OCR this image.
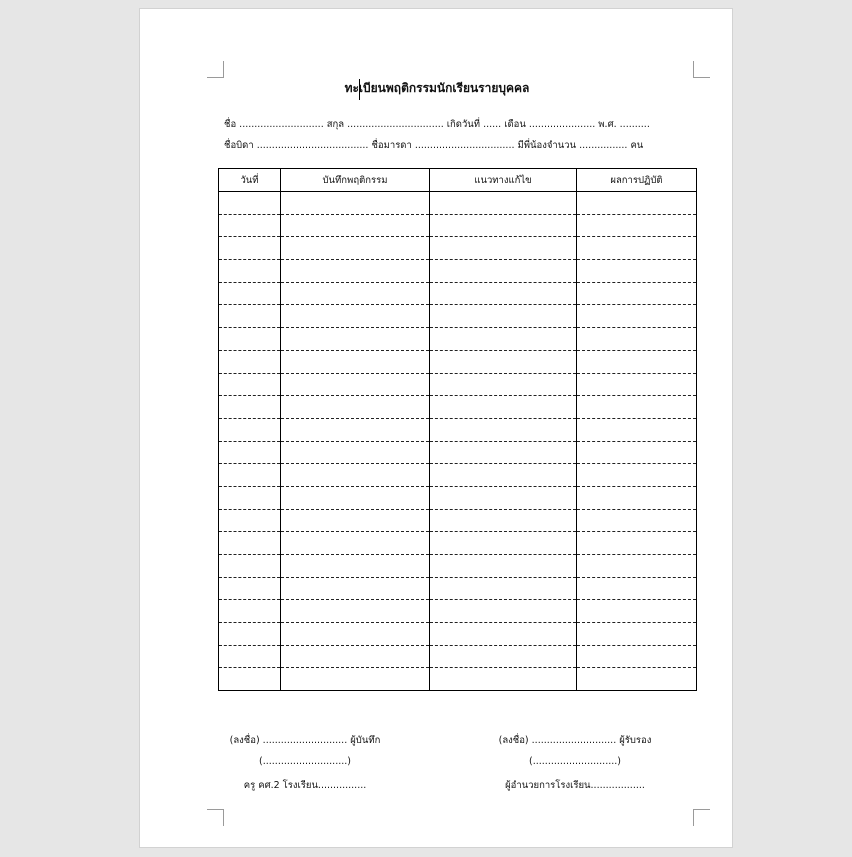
ทะเบียนพฤติกรรมนักเรียนรายบุคคล
ชื่อ ............................ สกุล ................................ เกิดวันที่ ...... เดือน ...................... พ.ศ. ..........
ชื่อบิดา ..................................... ชื่อมารดา ................................. มีพี่น้องจำนวน ................ คน
วันที่	บันทึกพฤติกรรม	แนวทางแก้ไข	ผลการปฏิบัติ

(ลงชื่อ) ............................ ผู้บันทึก
(............................)
ครู คศ.2 โรงเรียน................
(ลงชื่อ) ............................ ผู้รับรอง
(............................)
ผู้อำนวยการโรงเรียน..................
